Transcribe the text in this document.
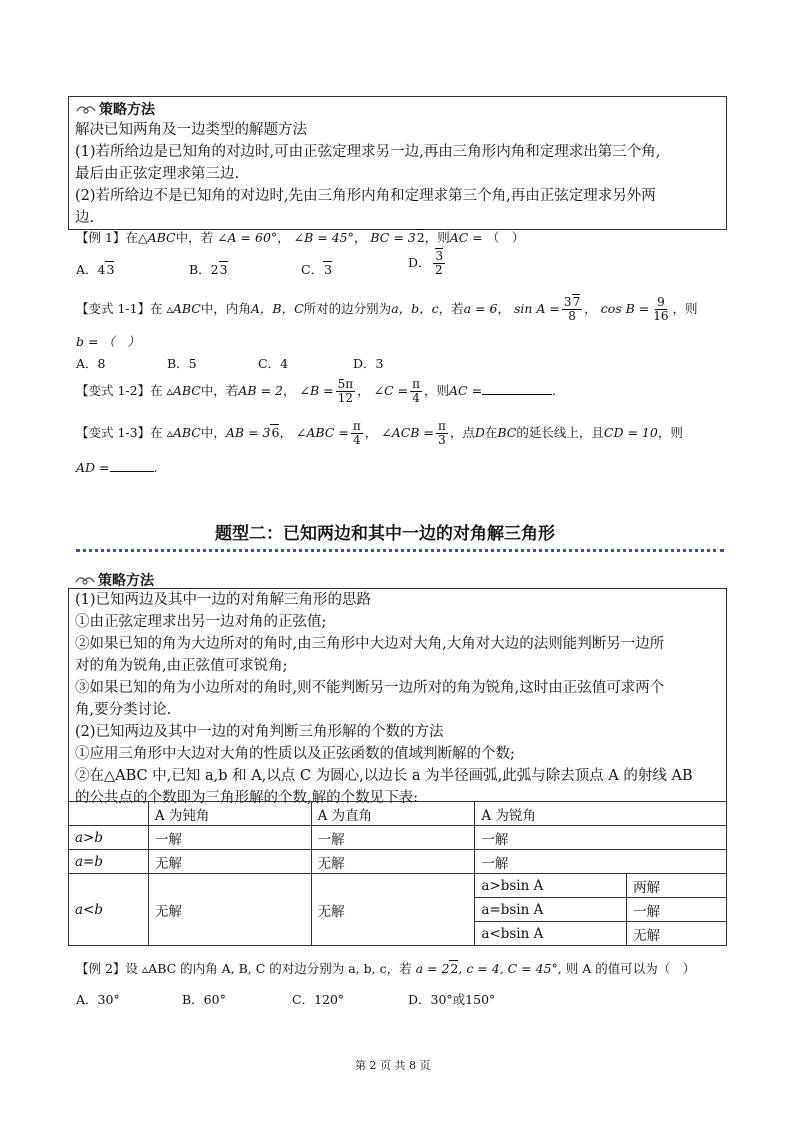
策略方法
解决已知两角及一边类型的解题方法
(1)若所给边是已知角的对边时,可由正弦定理求另一边,再由三角形内角和定理求出第三个角,
最后由正弦定理求第三边.
(2)若所给边不是已知角的对边时,先由三角形内角和定理求第三个角,再由正弦定理求另外两
边.
【例 1】在△ABC中，若 ∠A = 60°， ∠B = 45°， BC = 32，则AC = （　）
A．43	B．23	C．3	D． $\frac{3}{2}$
【变式 1-1】在 ▵ABC中，内角A，B，C所对的边分别为a，b，c，若a = 6， $\sin A = \frac{37}{8}$ ， $\cos B = \frac{9}{16}$ ，则
b = （　）
A．8	B．5	C．4	D．3
【变式 1-2】在 ▵ABC中，若AB = 2， ∠B = $\frac{5\pi}{12}$ ， ∠C = $\frac{\pi}{4}$ ，则AC =	.
【变式 1-3】在 ▵ABC中，AB = 36， ∠ABC = $\frac{\pi}{4}$ ， ∠ACB = $\frac{\pi}{3}$ ，点D在BC的延长线上，且CD = 10，则
AD =	.
题型二：已知两边和其中一边的对角解三角形
策略方法
(1)已知两边及其中一边的对角解三角形的思路
①由正弦定理求出另一边对角的正弦值;
②如果已知的角为大边所对的角时,由三角形中大边对大角,大角对大边的法则能判断另一边所
对的角为锐角,由正弦值可求锐角;
③如果已知的角为小边所对的角时,则不能判断另一边所对的角为锐角,这时由正弦值可求两个
角,要分类讨论.
(2)已知两边及其中一边的对角判断三角形解的个数的方法
①应用三角形中大边对大角的性质以及正弦函数的值域判断解的个数;
②在△ABC 中,已知 a,b 和 A,以点 C 为圆心,以边长 a 为半径画弧,此弧与除去顶点 A 的射线 AB
的公共点的个数即为三角形解的个数,解的个数见下表:
	A 为钝角	A 为直角	A 为锐角	
a>b	一解	一解	一解	
a=b	无解	无解	一解	
a<b	无解	无解	a>bsin A	两解
			a=bsin A	一解
			a<bsin A	无解
【例 2】设 ▵ABC 的内角 A, B, C 的对边分别为 a, b, c，若 a = 22, c = 4, C = 45°, 则 A 的值可以为（　）
A．30°	B．60°	C．120°	D．30°或150°
第 2 页 共 8 页
